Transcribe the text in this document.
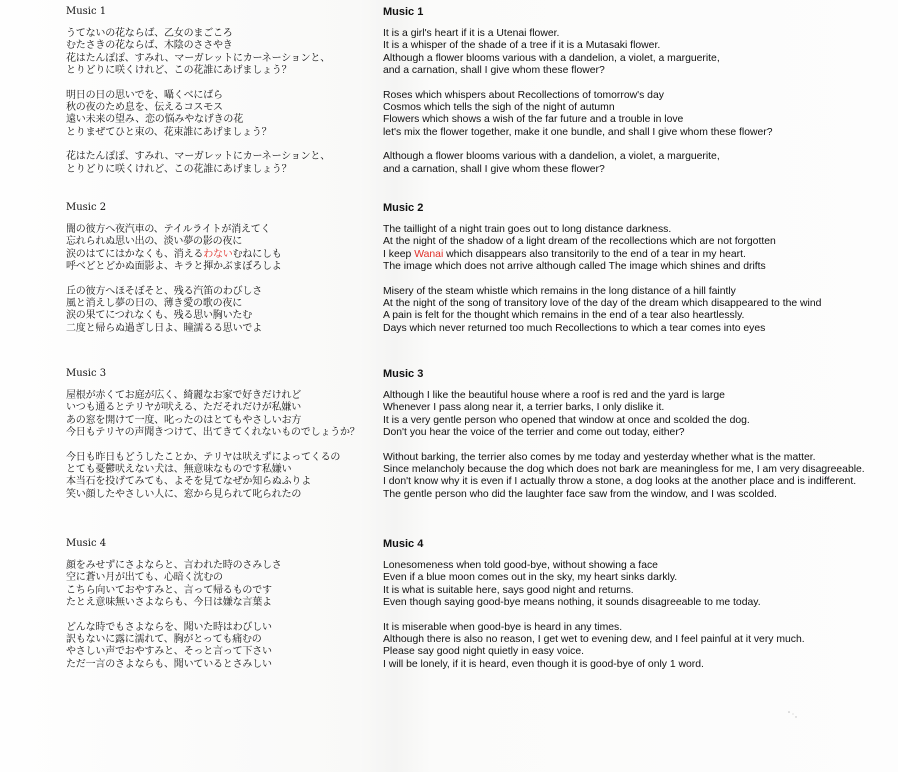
Music 1
うてないの花ならば、乙女のまごころ
むたさきの花ならば、木陰のささやき
花はたんぽぽ、すみれ、マーガレットにカーネーションと、
とりどりに咲くけれど、この花誰にあげましょう？
明日の日の思いでを、囁くべにばら
秋の夜のため息を、伝えるコスモス
遠い未来の望み、恋の悩みやなげきの花
とりまぜてひと束の、花束誰にあげましょう？
花はたんぽぽ、すみれ、マーガレットにカーネーションと、
とりどりに咲くけれど、この花誰にあげましょう？
Music 2
闇の彼方へ夜汽車の、テイルライトが消えてく
忘れられぬ思い出の、淡い夢の影の夜に
涙のはてにはかなくも、消えるわないむねにしも
呼べどとどかぬ面影よ、キラと揮かぶまぼろしよ
丘の彼方へほそぼそと、残る汽笛のわびしさ
風と消えし夢の日の、薄き愛の歌の夜に
涙の果てにつれなくも、残る思い胸いたむ
二度と帰らぬ過ぎし日よ、瞳濡るる思いでよ
Music 3
屋根が赤くてお庭が広く、綺麗なお家で好きだけれど
いつも通るとテリヤが吠える、ただそれだけが私嫌い
あの窓を開けて一度、叱ったのはとてもやさしいお方
今日もテリヤの声聞きつけて、出てきてくれないものでしょうか？
今日も昨日もどうしたことか、テリヤは吠えずによってくるの
とても憂鬱吠えない犬は、無意味なものです私嫌い
本当石を投げてみても、よそを見てなぜか知らぬふりよ
笑い顔したやさしい人に、窓から見られて叱られたの
Music 4
顔をみせずにさよならと、言われた時のさみしさ
空に蒼い月が出ても、心暗く沈むの
こちら向いておやすみと、言って帰るものです
たとえ意味無いさよならも、今日は嫌な言葉よ
どんな時でもさよならを、聞いた時はわびしい
訳もないに露に濡れて、胸がとっても痛むの
やさしい声でおやすみと、そっと言って下さい
ただ一言のさよならも、聞いているとさみしい
Music 1
It is a girl's heart if it is a Utenai flower.
It is a whisper of the shade of a tree if it is a Mutasaki flower.
Although a flower blooms various with a dandelion, a violet, a marguerite,
and a carnation, shall I give whom these flower?
Roses which whispers about Recollections of tomorrow's day
Cosmos which tells the sigh of the night of autumn
Flowers which shows a wish of the far future and a trouble in love
let's mix the flower together, make it one bundle, and shall I give whom these flower?
Although a flower blooms various with a dandelion, a violet, a marguerite,
and a carnation, shall I give whom these flower?
Music 2
The taillight of a night train goes out to long distance darkness.
At the night of the shadow of a light dream of the recollections which are not forgotten
I keep Wanai which disappears also transitorily to the end of a tear in my heart.
The image which does not arrive although called The image which shines and drifts
Misery of the steam whistle which remains in the long distance of a hill faintly
At the night of the song of transitory love of the day of the dream which disappeared to the wind
A pain is felt for the thought which remains in the end of a tear also heartlessly.
Days which never returned too much Recollections to which a tear comes into eyes
Music 3
Although I like the beautiful house where a roof is red and the yard is large
Whenever I pass along near it, a terrier barks, I only dislike it.
It is a very gentle person who opened that window at once and scolded the dog.
Don't you hear the voice of the terrier and come out today, either?
Without barking, the terrier also comes by me today and yesterday whether what is the matter.
Since melancholy because the dog which does not bark are meaningless for me, I am very disagreeable.
I don't know why it is even if I actually throw a stone, a dog looks at the another place and is indifferent.
The gentle person who did the laughter face saw from the window, and I was scolded.
Music 4
Lonesomeness when told good-bye, without showing a face
Even if a blue moon comes out in the sky, my heart sinks darkly.
It is what is suitable here, says good night and returns.
Even though saying good-bye means nothing, it sounds disagreeable to me today.
It is miserable when good-bye is heard in any times.
Although there is also no reason, I get wet to evening dew, and I feel painful at it very much.
Please say good night quietly in easy voice.
I will be lonely, if it is heard, even though it is good-bye of only 1 word.
